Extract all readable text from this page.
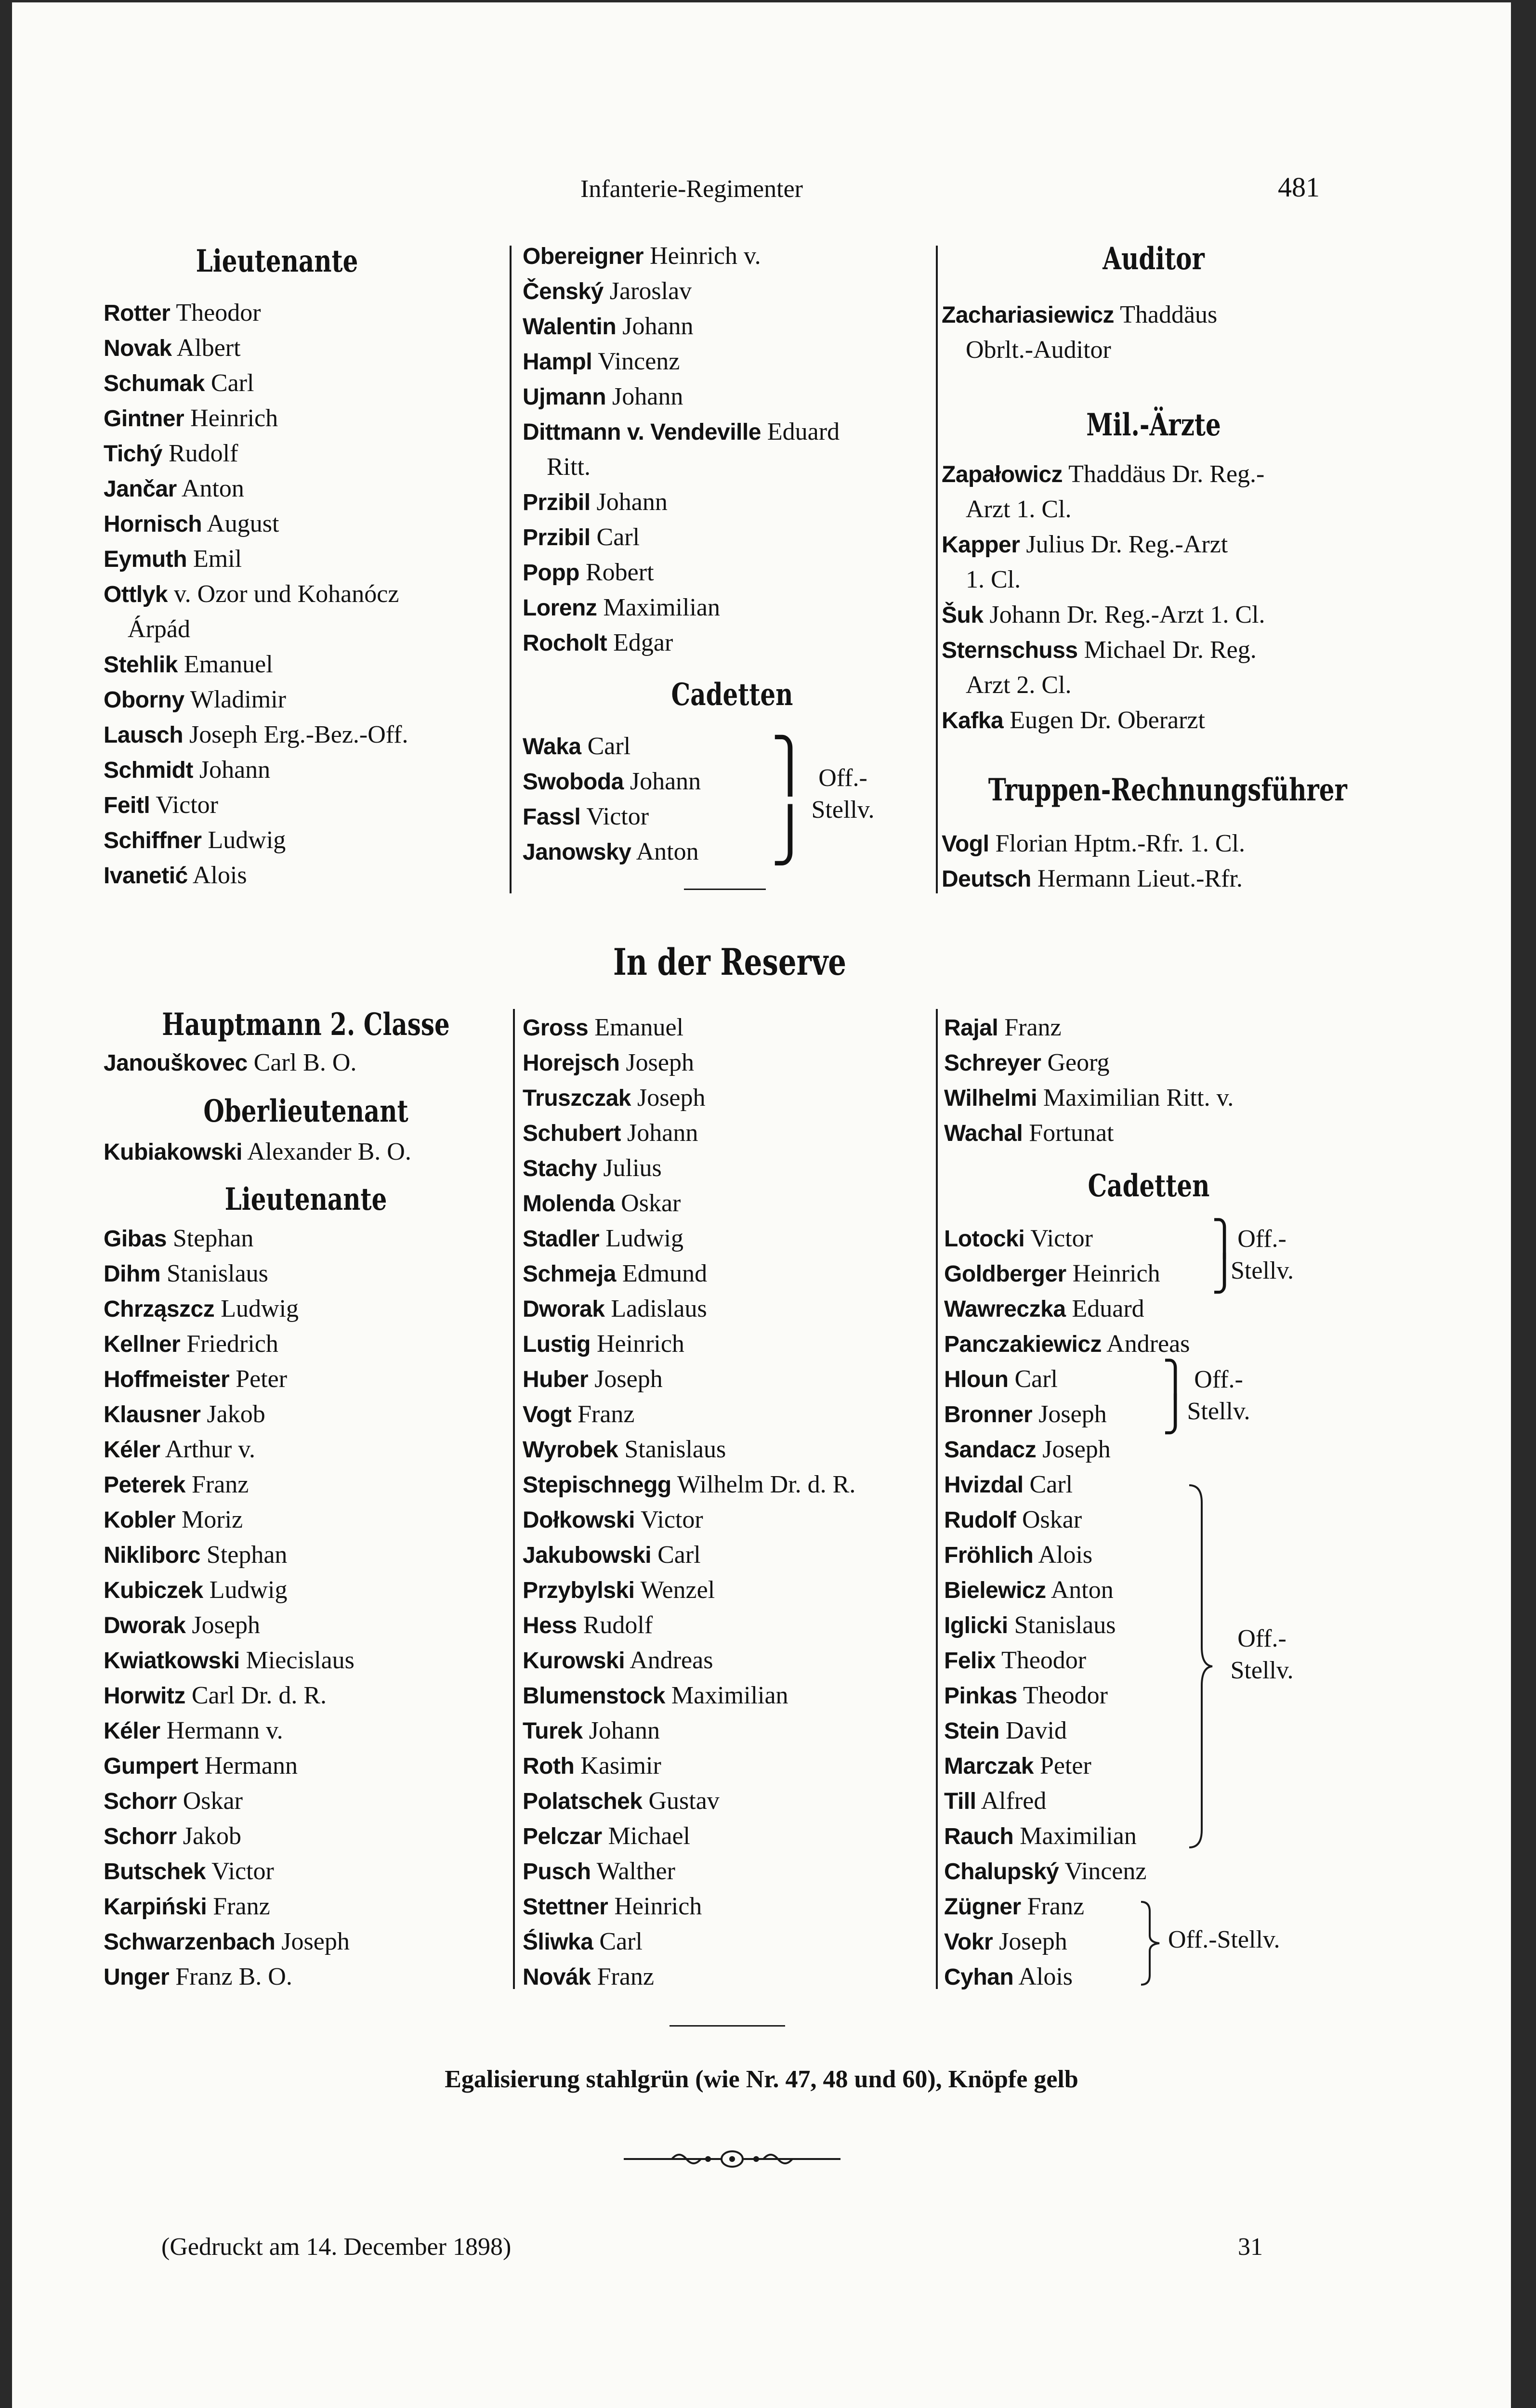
Infanterie-Regimenter	481
Lieutenante
Rotter Theodor
Novak Albert
Schumak Carl
Gintner Heinrich
Tichý Rudolf
Jančar Anton
Hornisch August
Eymuth Emil
Ottlyk v. Ozor und Kohanócz
Árpád
Stehlik Emanuel
Oborny Wladimir
Lausch Joseph Erg.-Bez.-Off.
Schmidt Johann
Feitl Victor
Schiffner Ludwig
Ivanetić Alois
Obereigner Heinrich v.
Čenský Jaroslav
Walentin Johann
Hampl Vincenz
Ujmann Johann
Dittmann v. Vendeville Eduard
Ritt.
Przibil Johann
Przibil Carl
Popp Robert
Lorenz Maximilian
Rocholt Edgar
Cadetten
Waka Carl
Swoboda Johann
Fassl Victor
Janowsky Anton
⎫
⎭
Off.-
Stellv.
Auditor
Zachariasiewicz Thaddäus
Obrlt.-Auditor
Mil.-Ärzte
Zapałowicz Thaddäus Dr. Reg.-
Arzt 1. Cl.
Kapper Julius Dr. Reg.-Arzt
1. Cl.
Šuk Johann Dr. Reg.-Arzt 1. Cl.
Sternschuss Michael Dr. Reg.
Arzt 2. Cl.
Kafka Eugen Dr. Oberarzt
Truppen-Rechnungsführer
Vogl Florian Hptm.-Rfr. 1. Cl.
Deutsch Hermann Lieut.-Rfr.
In der Reserve
Hauptmann 2. Classe
Janouškovec Carl B. O.
Oberlieutenant
Kubiakowski Alexander B. O.
Lieutenante
Gibas Stephan
Dihm Stanislaus
Chrząszcz Ludwig
Kellner Friedrich
Hoffmeister Peter
Klausner Jakob
Kéler Arthur v.
Peterek Franz
Kobler Moriz
Nikliborc Stephan
Kubiczek Ludwig
Dworak Joseph
Kwiatkowski Miecislaus
Horwitz Carl Dr. d. R.
Kéler Hermann v.
Gumpert Hermann
Schorr Oskar
Schorr Jakob
Butschek Victor
Karpiński Franz
Schwarzenbach Joseph
Unger Franz B. O.
Gross Emanuel
Horejsch Joseph
Truszczak Joseph
Schubert Johann
Stachy Julius
Molenda Oskar
Stadler Ludwig
Schmeja Edmund
Dworak Ladislaus
Lustig Heinrich
Huber Joseph
Vogt Franz
Wyrobek Stanislaus
Stepischnegg Wilhelm Dr. d. R.
Dołkowski Victor
Jakubowski Carl
Przybylski Wenzel
Hess Rudolf
Kurowski Andreas
Blumenstock Maximilian
Turek Johann
Roth Kasimir
Polatschek Gustav
Pelczar Michael
Pusch Walther
Stettner Heinrich
Śliwka Carl
Novák Franz
Rajal Franz
Schreyer Georg
Wilhelmi Maximilian Ritt. v.
Wachal Fortunat
Cadetten
Lotocki Victor
Goldberger Heinrich
Wawreczka Eduard
Panczakiewicz Andreas
Hloun Carl
Bronner Joseph
Sandacz Joseph
Hvizdal Carl
Rudolf Oskar
Fröhlich Alois
Bielewicz Anton
Iglicki Stanislaus
Felix Theodor
Pinkas Theodor
Stein David
Marczak Peter
Till Alfred
Rauch Maximilian
Chalupský Vincenz
Zügner Franz
Vokr Joseph
Cyhan Alois
⎫
⎭
Off.-
Stellv.
⎫
⎭
Off.-
Stellv.
Off.-
Stellv.
Off.-Stellv.
Egalisierung stahlgrün (wie Nr. 47, 48 und 60), Knöpfe gelb
(Gedruckt am 14. December 1898)	31
